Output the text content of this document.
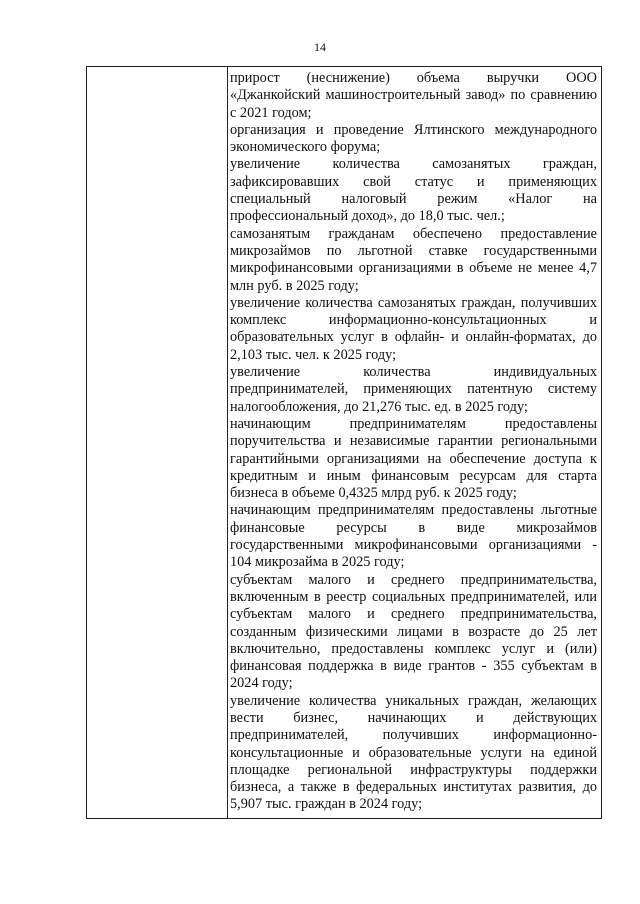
14

прирост (неснижение) объема выручки ООО «Джанкойский машиностроительный завод» по сравнению с 2021 годом;

организация и проведение Ялтинского международного экономического форума;

увеличение количества самозанятых граждан, зафиксировавших свой статус и применяющих специальный налоговый режим «Налог на профессиональный доход», до 18,0 тыс. чел.;

самозанятым гражданам обеспечено предоставление микрозаймов по льготной ставке государственными микрофинансовыми организациями в объеме не менее 4,7 млн руб. в 2025 году;

увеличение количества самозанятых граждан, получивших комплекс информационно-консультационных и образовательных услуг в офлайн- и онлайн-форматах, до 2,103 тыс. чел. к 2025 году;

увеличение количества индивидуальных предпринимателей, применяющих патентную систему налогообложения, до 21,276 тыс. ед. в 2025 году;

начинающим предпринимателям предоставлены поручительства и независимые гарантии региональными гарантийными организациями на обеспечение доступа к кредитным и иным финансовым ресурсам для старта бизнеса в объеме 0,4325 млрд руб. к 2025 году;

начинающим предпринимателям предоставлены льготные финансовые ресурсы в виде микрозаймов государственными микрофинансовыми организациями - 104 микрозайма в 2025 году;

субъектам малого и среднего предпринимательства, включенным в реестр социальных предпринимателей, или субъектам малого и среднего предпринимательства, созданным физическими лицами в возрасте до 25 лет включительно, предоставлены комплекс услуг и (или) финансовая поддержка в виде грантов - 355 субъектам в 2024 году;

увеличение количества уникальных граждан, желающих вести бизнес, начинающих и действующих предпринимателей, получивших информационно-консультационные и образовательные услуги на единой площадке региональной инфраструктуры поддержки бизнеса, а также в федеральных институтах развития, до 5,907 тыс. граждан в 2024 году;
